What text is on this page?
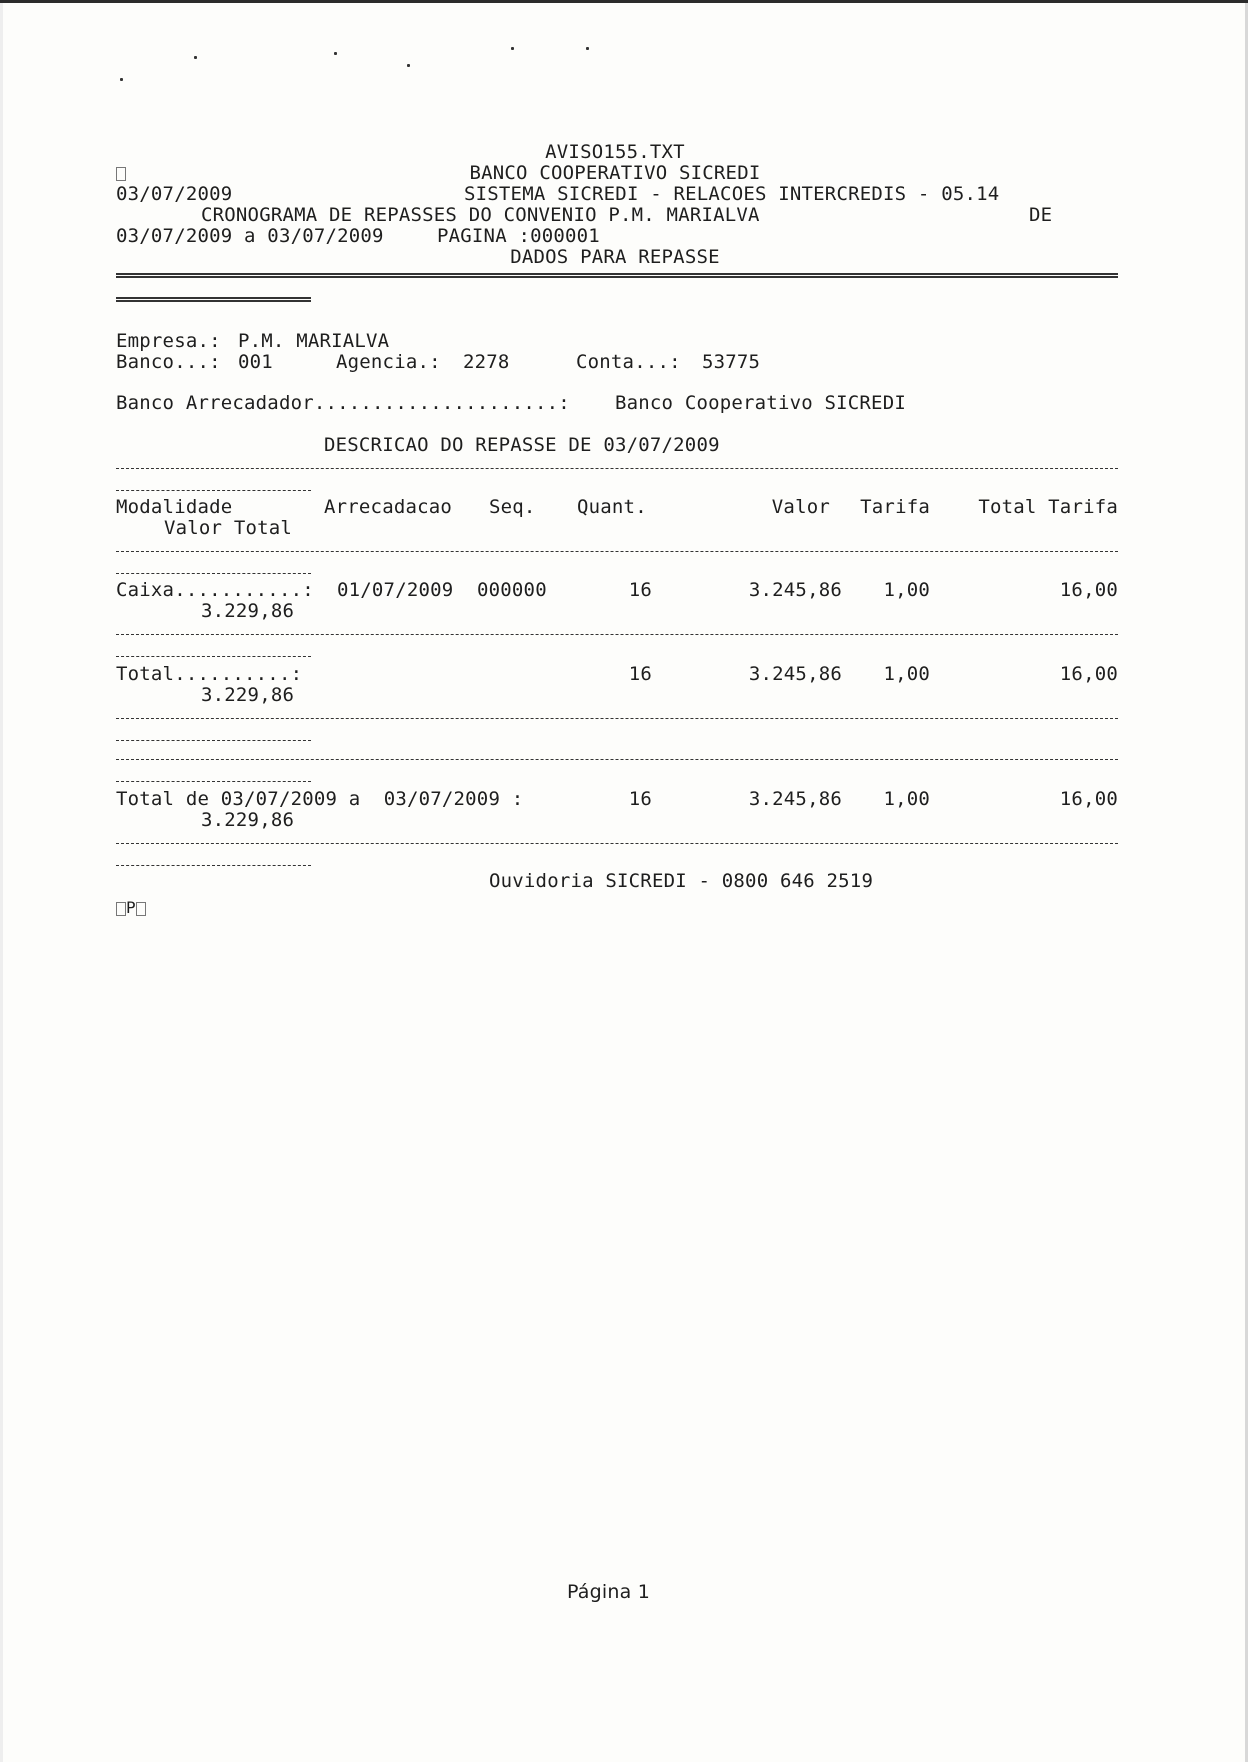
AVISO155.TXT
BANCO COOPERATIVO SICREDI
03/07/2009	SISTEMA SICREDI - RELACOES INTERCREDIS - 05.14
CRONOGRAMA DE REPASSES DO CONVENIO P.M. MARIALVA	DE
03/07/2009 a 03/07/2009	PAGINA :000001
DADOS PARA REPASSE
Empresa.: P.M. MARIALVA
Banco...: 001	Agencia.: 2278	Conta...: 53775
Banco Arrecadador.....................: Banco Cooperativo SICREDI
DESCRICAO DO REPASSE DE 03/07/2009
Modalidade	Arrecadacao Seq. Quant.	Valor	Tarifa	Total Tarifa
Valor Total
Caixa...........: 01/07/2009 000000	16	3.245,86	1,00	16,00
3.229,86
Total..........:	16	3.245,86	1,00	16,00
3.229,86
Total de 03/07/2009 a  03/07/2009 :	16	3.245,86	1,00	16,00
3.229,86
Ouvidoria SICREDI - 0800 646 2519
P
Página 1
